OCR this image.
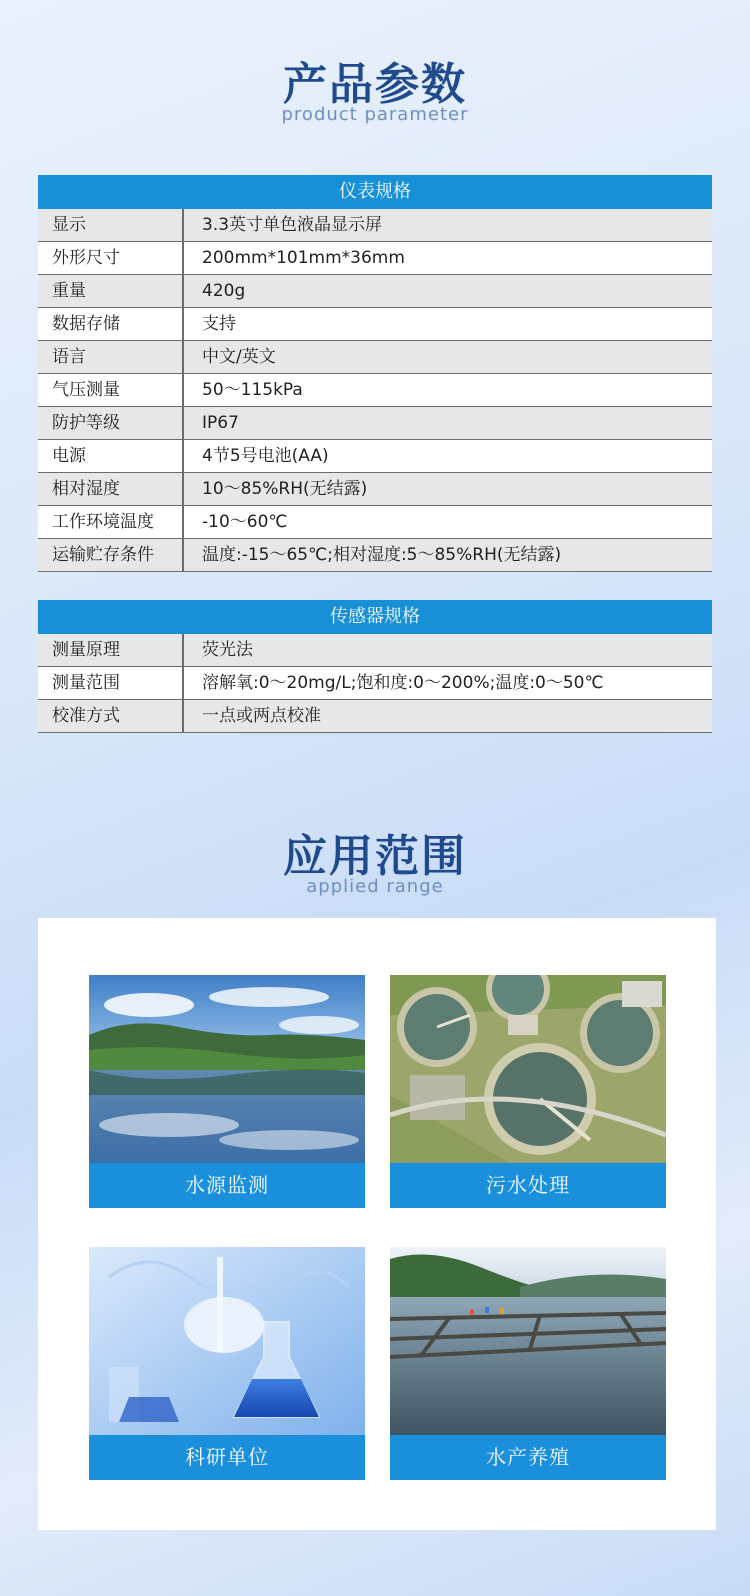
产品参数
product parameter
仪表规格
显示	3.3英寸单色液晶显示屏
外形尺寸	200mm*101mm*36mm
重量	420g
数据存储	支持
语言	中文/英文
气压测量	50～115kPa
防护等级	IP67
电源	4节5号电池(AA)
相对湿度	10～85%RH(无结露)
工作环境温度	-10～60℃
运输贮存条件	温度:-15～65℃;相对湿度:5～85%RH(无结露)
传感器规格
测量原理	荧光法
测量范围	溶解氧:0～20mg/L;饱和度:0～200%;温度:0～50℃
校准方式	一点或两点校准
应用范围
applied range
水源监测	污水处理
科研单位	水产养殖
